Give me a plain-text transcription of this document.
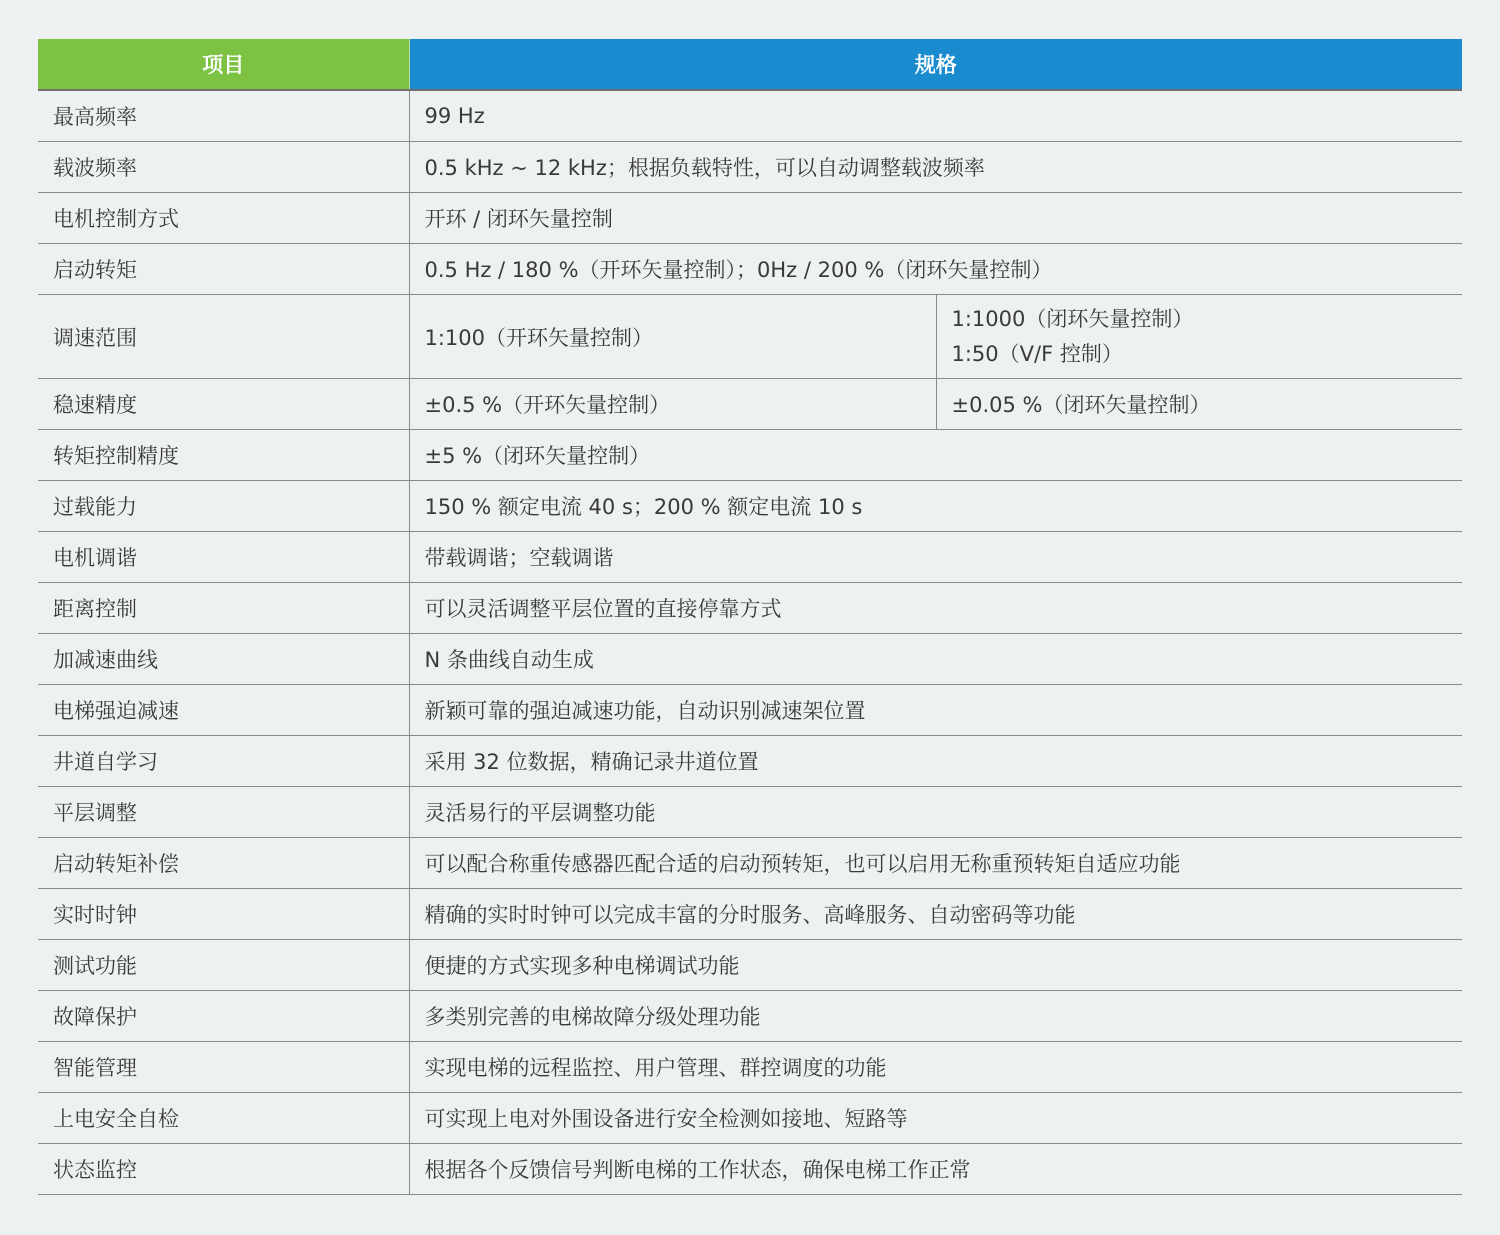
项目	规格	
最高频率	99 Hz	
载波频率	0.5 kHz ~ 12 kHz；根据负载特性，可以自动调整载波频率	
电机控制方式	开环 / 闭环矢量控制	
启动转矩	0.5 Hz / 180 %（开环矢量控制）；0Hz / 200 %（闭环矢量控制）	
调速范围	1:100（开环矢量控制）	1:1000（闭环矢量控制）
1:50（V/F 控制）

稳速精度	±0.5 %（开环矢量控制）	±0.05 %（闭环矢量控制）
转矩控制精度	±5 %（闭环矢量控制）	
过载能力	150 % 额定电流 40 s；200 % 额定电流 10 s	
电机调谐	带载调谐；空载调谐	
距离控制	可以灵活调整平层位置的直接停靠方式	
加减速曲线	N 条曲线自动生成	
电梯强迫减速	新颖可靠的强迫减速功能，自动识别减速架位置	
井道自学习	采用 32 位数据，精确记录井道位置	
平层调整	灵活易行的平层调整功能	
启动转矩补偿	可以配合称重传感器匹配合适的启动预转矩，也可以启用无称重预转矩自适应功能	
实时时钟	精确的实时时钟可以完成丰富的分时服务、高峰服务、自动密码等功能	
测试功能	便捷的方式实现多种电梯调试功能	
故障保护	多类别完善的电梯故障分级处理功能	
智能管理	实现电梯的远程监控、用户管理、群控调度的功能	
上电安全自检	可实现上电对外围设备进行安全检测如接地、短路等	
状态监控	根据各个反馈信号判断电梯的工作状态，确保电梯工作正常	
